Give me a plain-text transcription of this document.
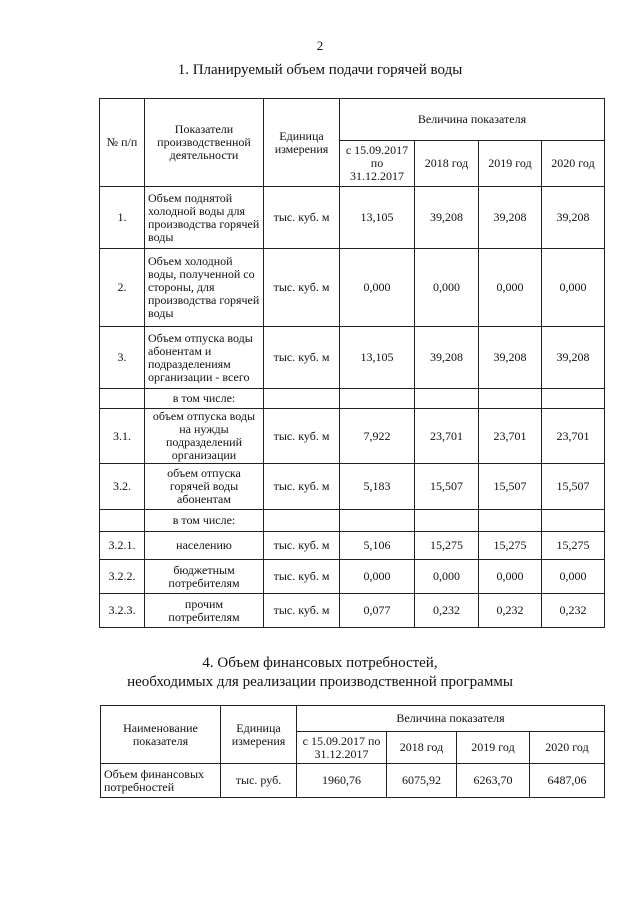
2
1. Планируемый объем подачи горячей воды
№ п/п	Показатели производственной деятельности	Единица измерения	Величина показателя			
			с 15.09.2017 по 31.12.2017	2018 год	2019 год	2020 год
1.	Объем поднятой холодной воды для производства горячей воды	тыс. куб. м	13,105	39,208	39,208	39,208
2.	Объем холодной воды, полученной со стороны, для производства горячей воды	тыс. куб. м	0,000	0,000	0,000	0,000
3.	Объем отпуска воды абонентам и подразделениям организации - всего	тыс. куб. м	13,105	39,208	39,208	39,208
	в том числе:					
3.1.	объем отпуска воды на нужды подразделений организации	тыс. куб. м	7,922	23,701	23,701	23,701
3.2.	объем отпуска горячей воды абонентам	тыс. куб. м	5,183	15,507	15,507	15,507
	в том числе:					
3.2.1.	населению	тыс. куб. м	5,106	15,275	15,275	15,275
3.2.2.	бюджетным потребителям	тыс. куб. м	0,000	0,000	0,000	0,000
3.2.3.	прочим потребителям	тыс. куб. м	0,077	0,232	0,232	0,232
4. Объем финансовых потребностей,
необходимых для реализации производственной программы
Наименование показателя	Единица измерения	Величина показателя			
		с 15.09.2017 по 31.12.2017	2018 год	2019 год	2020 год
Объем финансовых потребностей	тыс. руб.	1960,76	6075,92	6263,70	6487,06
